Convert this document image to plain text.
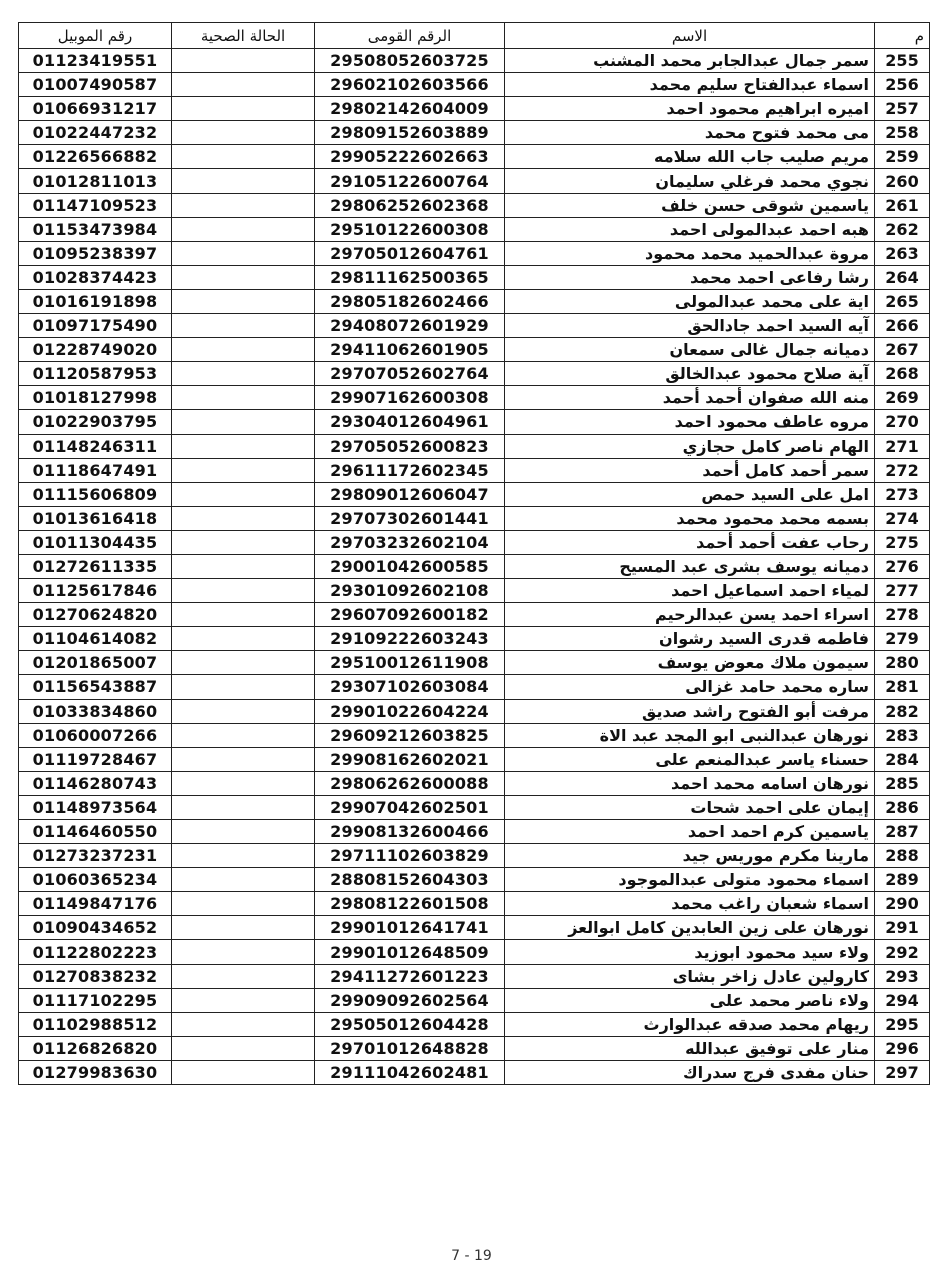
م	الاسم	الرقم القومى	الحالة الصحية	رقم الموبيل
255	سمر جمال عبدالجابر محمد المشنب	29508052603725		01123419551
256	اسماء عبدالفتاح سليم محمد	29602102603566		01007490587
257	اميره ابراهيم محمود احمد	29802142604009		01066931217
258	مى محمد فتوح محمد	29809152603889		01022447232
259	مريم صليب جاب الله سلامه	29905222602663		01226566882
260	نجوي محمد فرغلي سليمان	29105122600764		01012811013
261	ياسمين شوقى حسن خلف	29806252602368		01147109523
262	هبه احمد عبدالمولى احمد	29510122600308		01153473984
263	مروة عبدالحميد محمد محمود	29705012604761		01095238397
264	رشا رفاعى احمد محمد	29811162500365		01028374423
265	اية على محمد عبدالمولى	29805182602466		01016191898
266	آيه السيد احمد جادالحق	29408072601929		01097175490
267	دميانه جمال غالى سمعان	29411062601905		01228749020
268	آية صلاح محمود عبدالخالق	29707052602764		01120587953
269	منه الله صفوان أحمد أحمد	29907162600308		01018127998
270	مروه عاطف محمود احمد	29304012604961		01022903795
271	الهام ناصر كامل حجازي	29705052600823		01148246311
272	سمر أحمد كامل أحمد	29611172602345		01118647491
273	امل على السيد حمص	29809012606047		01115606809
274	بسمه محمد محمود محمد	29707302601441		01013616418
275	رحاب عفت أحمد أحمد	29703232602104		01011304435
276	دميانه يوسف بشرى عبد المسيح	29001042600585		01272611335
277	لمياء احمد اسماعيل احمد	29301092602108		01125617846
278	اسراء احمد يسن عبدالرحيم	29607092600182		01270624820
279	فاطمه قدرى السيد رشوان	29109222603243		01104614082
280	سيمون ملاك معوض يوسف	29510012611908		01201865007
281	ساره محمد حامد غزالى	29307102603084		01156543887
282	مرفت أبو الفتوح راشد صديق	29901022604224		01033834860
283	نورهان عبدالنبى ابو المجد عبد الاة	29609212603825		01060007266
284	حسناء ياسر عبدالمنعم على	29908162602021		01119728467
285	نورهان اسامه محمد احمد	29806262600088		01146280743
286	إيمان على احمد شحات	29907042602501		01148973564
287	ياسمين كرم احمد احمد	29908132600466		01146460550
288	مارينا مكرم موريس جيد	29711102603829		01273237231
289	اسماء محمود متولى عبدالموجود	28808152604303		01060365234
290	اسماء شعبان راغب محمد	29808122601508		01149847176
291	نورهان على زين العابدين كامل ابوالعز	29901012641741		01090434652
292	ولاء سيد محمود ابوزيد	29901012648509		01122802223
293	كارولين عادل زاخر بشاى	29411272601223		01270838232
294	ولاء ناصر محمد على	29909092602564		01117102295
295	ريهام محمد صدقه عبدالوارث	29505012604428		01102988512
296	منار على توفيق عبدالله	29701012648828		01126826820
297	حنان مفدى فرج سدراك	29111042602481		01279983630
7 - 19
